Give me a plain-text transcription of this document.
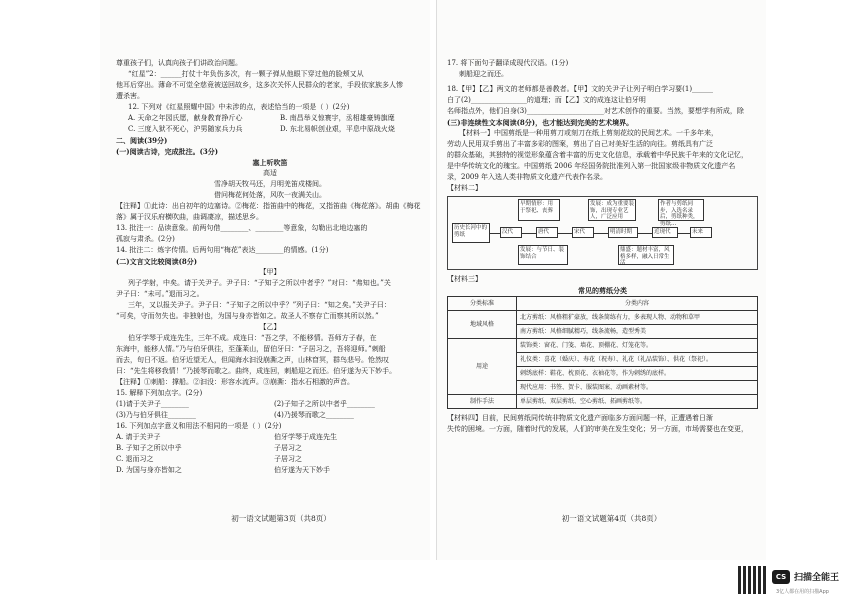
尊重孩子们，认真向孩子们讲政治问题。

“红星”2：______打仗十年负伤多次，有一颗子弹从他眼下穿过他的脸颊又从

他耳后穿出。薄命不可觉全慈竟被送回故乡，这多次关怀人民群众的老家，手段依家族多人惨

遭杀害。

12. 下列对《红星照耀中国》中未涉的点，表述恰当的一项是（ ）(2分)

A. 天命之年园氏愿，献身教育挣斤心	B. 南昌举义惊寰宇，丞相雄豪铸旗麾
C. 三度入狱不死心，沪男随家兵力兵	D. 东北易帜创业艰，平息中原战火烧

二、阅读(39分)

(一)阅读古诗，完成批注。(3分)

塞上听吹笛

高适

雪净胡天牧马还，月明羌笛戍楼间。

借问梅花何处落，风吹一夜满关山。

【注释】①此诗：出自初年的边塞诗。②梅花：指笛曲中的梅花，又指笛曲《梅花落》。胡曲《梅花

落》属于汉乐府横吹曲，曲调凄凉，描述思乡。

13. 批注一：品读意象。前两句借________、________等意象，勾勒出北地边塞的

孤寂与肃杀。(2分)

14. 批注二：炼字传情。后两句用“梅花”表达________的情感。(1分)

(二)文言文比较阅读(8分)

【甲】

列子学射，中矣。请于关尹子。尹子曰：“子知子之所以中者乎？”对曰：“弗知也。”关

尹子曰：“未可。”退而习之。

三年，又以报关尹子。尹子曰：“子知子之所以中乎？”列子曰：“知之矣。”关尹子曰：

“可矣，守而勿失也。非独射也，为国与身亦皆如之。故圣人不察存亡而察其所以然。”

【乙】

伯牙学琴于成连先生，三年不成。成连曰：“吾之学，不能移情。吾师方子春，在

东海中，能移人情。”乃与伯牙俱往，至蓬莱山，留伯牙曰：“子居习之，吾将迎师。”刺船

而去，旬日不返。伯牙近望无人，但闻海水汩没崩澌之声，山林窅冥，群鸟悲号。怆然叹

曰：“先生将移我情！”乃援琴而歌之。曲终，成连回，刺船迎之而还。伯牙遂为天下妙手。

【注释】①刺船：撑船。②汩没：形容水流声。③崩澌：指水石相激的声音。

15. 解释下列加点字。(2分)

(1)请于关尹子________	(2)子知子之所以中者乎________
(3)乃与伯牙俱往________	(4)乃援琴而歌之________

16. 下列加点字意义和用法不相同的一项是（ ）(2分)

A. 请于关尹子	伯牙学琴于成连先生
B. 子知子之所以中乎	子居习之
C. 退而习之	子居习之
D. 为国与身亦皆如之	伯牙遂为天下妙手
初一语文试题第3页（共8页）

17. 将下面句子翻译成现代汉语。(1分)

刺船迎之而还。

18.【甲】【乙】两文的老师都是善教者。【甲】文的关尹子让列子明白学习要(1)______

白了(2)________________的道理；而【乙】文的成连这让伯牙明

名师指点外，他们自身(3)______________________对艺术创作的重要。当然，要想学有所成，除

(三)非连续性文本阅读(8分)，也才能达到完美的艺术境界。

【材料一】中国剪纸是一种用剪刀或刻刀在纸上剪刻花纹的民间艺术。一千多年来，

劳动人民用双手剪出了丰富多彩的图案，剪出了自己对美好生活的向往。剪纸具有广泛

的群众基础，其独特的视觉形象蕴含着丰富的历史文化信息，承载着中华民族千年来的文化记忆，

是中华传统文化的瑰宝。中国剪纸 2006 年经国务院批准列入第一批国家级非物质文化遗产名

录，2009 年入选人类非物质文化遗产代表作名录。

【材料二】

历史长河中的剪纸	汉代	唐代	宋代	明清时期	近现代	未来
早期情形：用于祭祀、丧葬
发展：成为重要装饰，出现专业艺人，广泛应用
作者与剪纸同步，入选名录后，剪纸种类，剪纸...
发展：与节日、装饰结合
鼎盛：题材丰富，风格多样，融入日常生活

【材料三】

常见的剪纸分类

分类标准	分类内容
地域风格	北方剪纸：风格粗犷豪放，线条简练有力，多表现人物、动物和草甲
	南方剪纸：风格细腻精巧，线条流畅，造型秀美
用途	装饰类：窗花、门笺、墙花、顶棚花、灯笼花等。
	礼仪类：喜花（婚庆）、寿花（祝寿）、礼花（礼品装饰）、供花（祭祀）。
	刺绣底样：鞋花、枕顶花、衣袖花等，作为刺绣的底样。
	现代应用：书签、贺卡、服装图案、动画素材等。
制作手法	单层剪纸、双层剪纸、空心剪纸、拓画剪纸等。

【材料四】目前，民间剪纸同传统非物质文化遗产面临多方面问题一样，正遭遇着日渐

失传的困境。一方面，随着时代的发展，人们的审美在发生变化；另一方面，市场需要也在变更，

初一语文试题第4页（共8页）
CS 扫描全能王
3亿人都在用的扫描App
